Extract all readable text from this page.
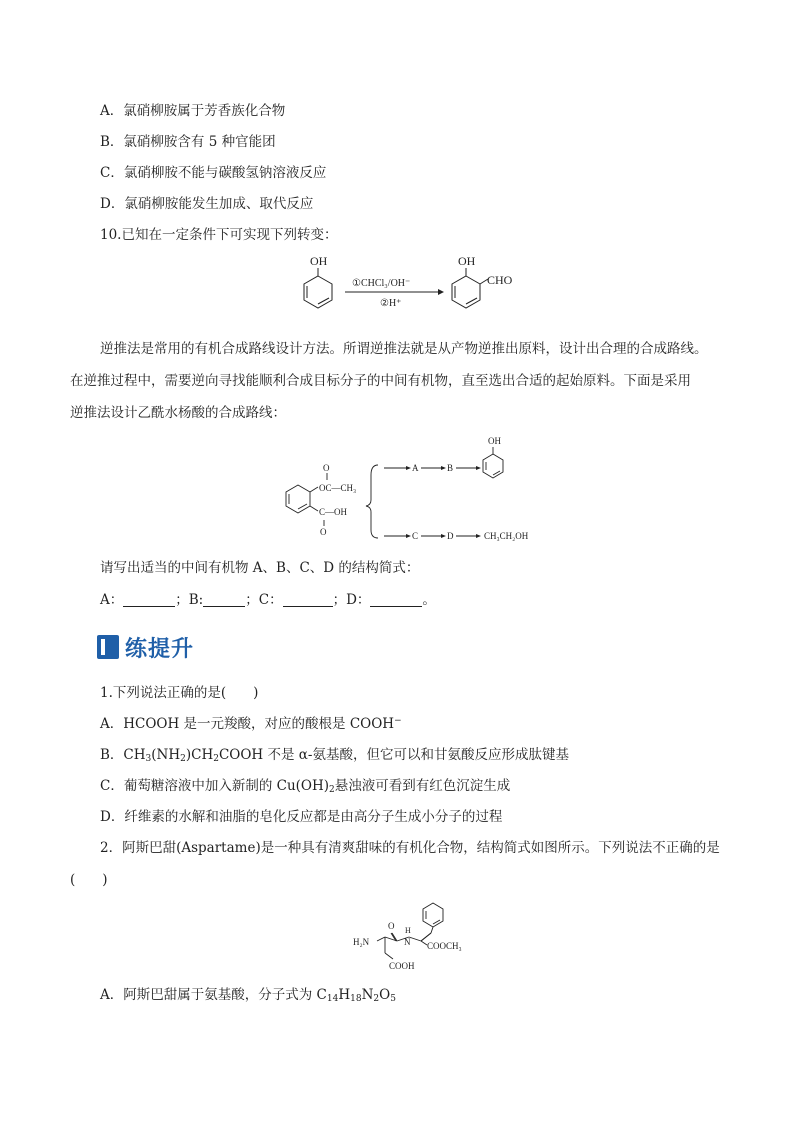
A．氯硝柳胺属于芳香族化合物
B．氯硝柳胺含有 5 种官能团
C．氯硝柳胺不能与碳酸氢钠溶液反应
D．氯硝柳胺能发生加成、取代反应
10.已知在一定条件下可实现下列转变：
OH
①CHCl₃/OH⁻
②H⁺
OH
CHO
逆推法是常用的有机合成路线设计方法。所谓逆推法就是从产物逆推出原料，设计出合理的合成路线。
在逆推过程中，需要逆向寻找能顺利合成目标分子的中间有机物，直至选出合适的起始原料。下面是采用
逆推法设计乙酰水杨酸的合成路线：
O
OC—CH₃
C—OH
O
A	B
C	D
OH
CH₃CH₂OH
请写出适当的中间有机物 A、B、C、D 的结构简式：
A：	；B:	；C：	；D：	。
练提升
1.下列说法正确的是(　　)
A．HCOOH 是一元羧酸，对应的酸根是 COOH−
B．$CH_3(NH_2)CH_2COOH$ 不是 α-氨基酸，但它可以和甘氨酸反应形成肽键基
C．葡萄糖溶液中加入新制的 $Cu(OH)_2$悬浊液可看到有红色沉淀生成
D．纤维素的水解和油脂的皂化反应都是由高分子生成小分子的过程
2．阿斯巴甜(Aspartame)是一种具有清爽甜味的有机化合物，结构简式如图所示。下列说法不正确的是
(　　)
H₂N
O
N
H
COOCH₃
COOH
A．阿斯巴甜属于氨基酸，分子式为 $C_{14}H_{18}N_2O_5$
